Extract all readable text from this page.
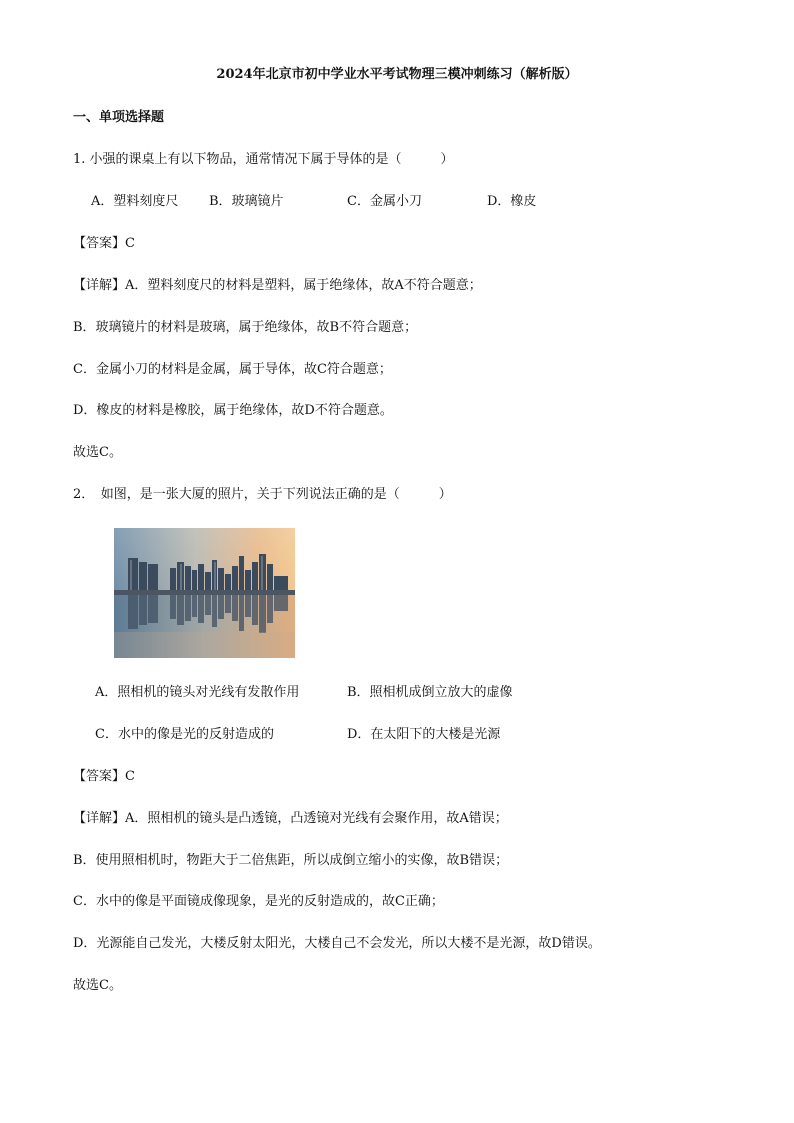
2024年北京市初中学业水平考试物理三模冲刺练习（解析版）
一、单项选择题
1. 小强的课桌上有以下物品，通常情况下属于导体的是（　　　）
A．塑料刻度尺 B．玻璃镜片	C．金属小刀	D．橡皮
【答案】C
【详解】A．塑料刻度尺的材料是塑料，属于绝缘体，故A不符合题意；
B．玻璃镜片的材料是玻璃，属于绝缘体，故B不符合题意；
C．金属小刀的材料是金属，属于导体，故C符合题意；
D．橡皮的材料是橡胶，属于绝缘体，故D不符合题意。
故选C。
2．　如图，是一张大厦的照片，关于下列说法正确的是（　　　）
A．照相机的镜头对光线有发散作用	B．照相机成倒立放大的虚像
C．水中的像是光的反射造成的	D．在太阳下的大楼是光源
【答案】C
【详解】A．照相机的镜头是凸透镜，凸透镜对光线有会聚作用，故A错误；
B．使用照相机时，物距大于二倍焦距，所以成倒立缩小的实像，故B错误；
C．水中的像是平面镜成像现象，是光的反射造成的，故C正确；
D．光源能自己发光，大楼反射太阳光，大楼自己不会发光，所以大楼不是光源，故D错误。
故选C。
